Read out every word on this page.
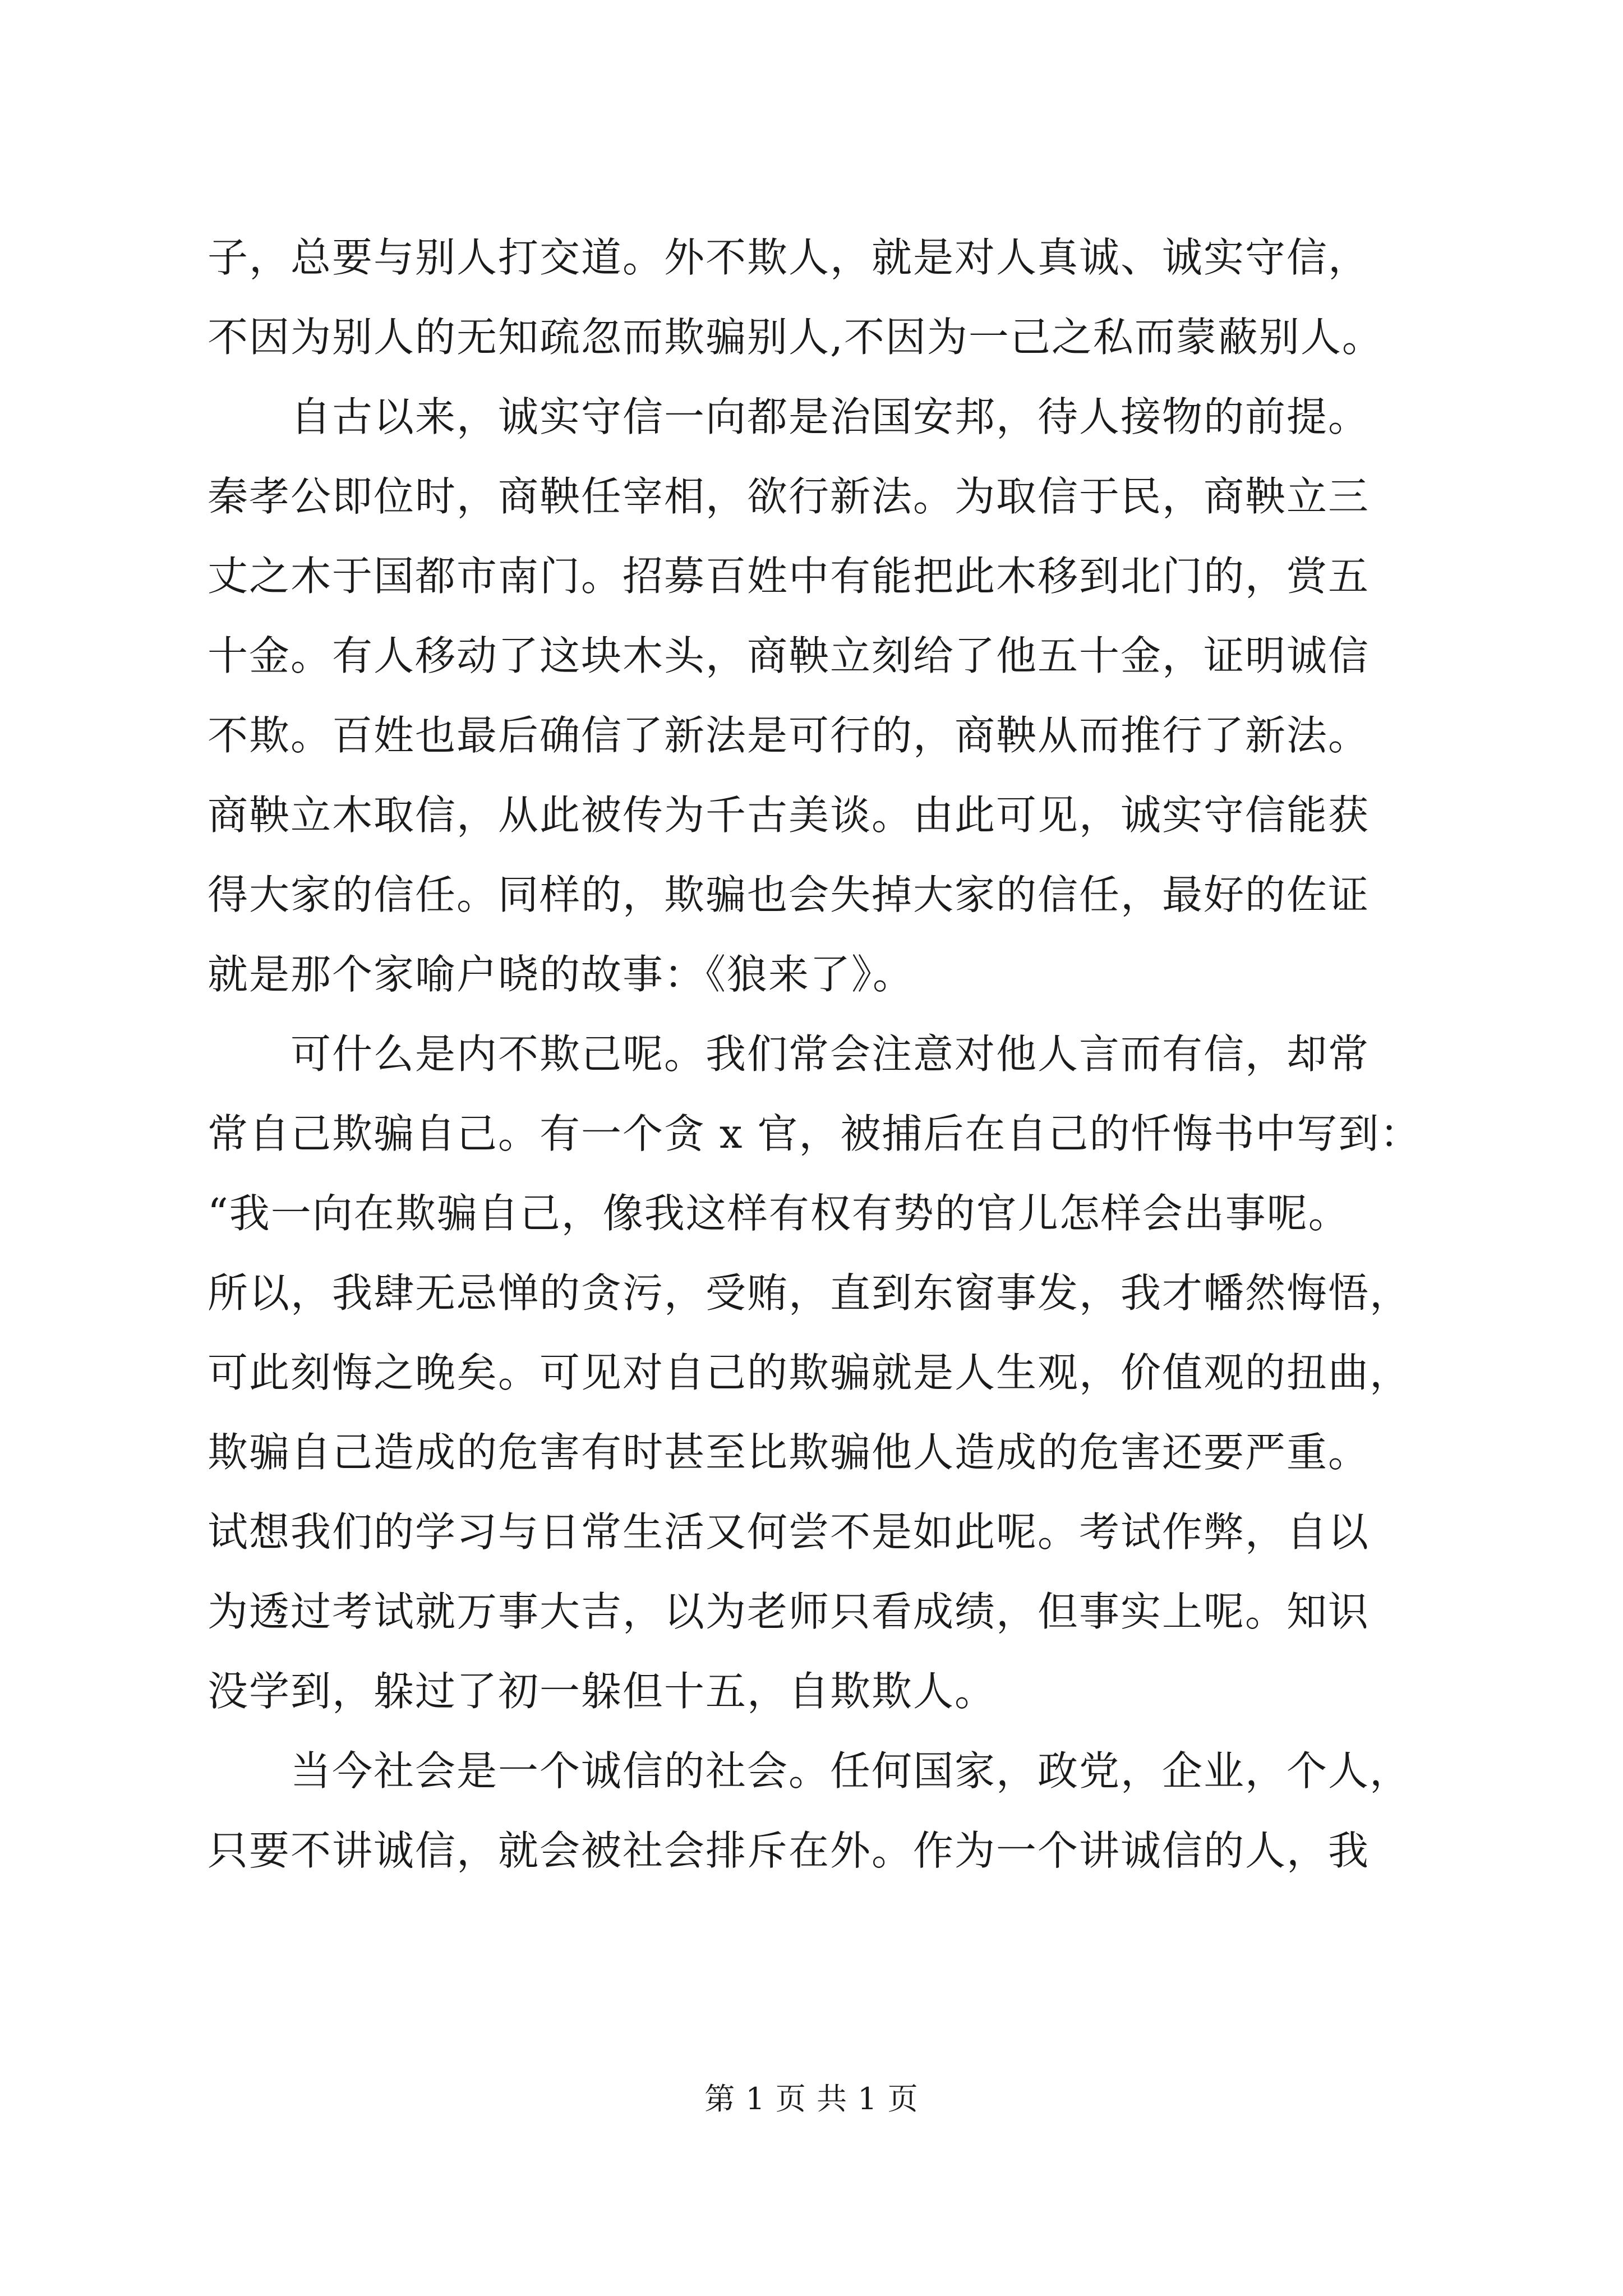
子，总要与别人打交道。外不欺人，就是对人真诚、诚实守信，
不因为别人的无知疏忽而欺骗别人,不因为一己之私而蒙蔽别人。
　　自古以来，诚实守信一向都是治国安邦，待人接物的前提。
秦孝公即位时，商鞅任宰相，欲行新法。为取信于民，商鞅立三
丈之木于国都市南门。招募百姓中有能把此木移到北门的，赏五
十金。有人移动了这块木头，商鞅立刻给了他五十金，证明诚信
不欺。百姓也最后确信了新法是可行的，商鞅从而推行了新法。
商鞅立木取信，从此被传为千古美谈。由此可见，诚实守信能获
得大家的信任。同样的，欺骗也会失掉大家的信任，最好的佐证
就是那个家喻户晓的故事：《狼来了》。
　　可什么是内不欺己呢。我们常会注意对他人言而有信，却常
常自己欺骗自己。有一个贪 x 官，被捕后在自己的忏悔书中写到：
“我一向在欺骗自己，像我这样有权有势的官儿怎样会出事呢。
所以，我肆无忌惮的贪污，受贿，直到东窗事发，我才幡然悔悟，
可此刻悔之晚矣。可见对自己的欺骗就是人生观，价值观的扭曲，
欺骗自己造成的危害有时甚至比欺骗他人造成的危害还要严重。
试想我们的学习与日常生活又何尝不是如此呢。考试作弊，自以
为透过考试就万事大吉，以为老师只看成绩，但事实上呢。知识
没学到，躲过了初一躲但十五，自欺欺人。
　　当今社会是一个诚信的社会。任何国家，政党，企业，个人，
只要不讲诚信，就会被社会排斥在外。作为一个讲诚信的人，我
第 1 页 共 1 页
